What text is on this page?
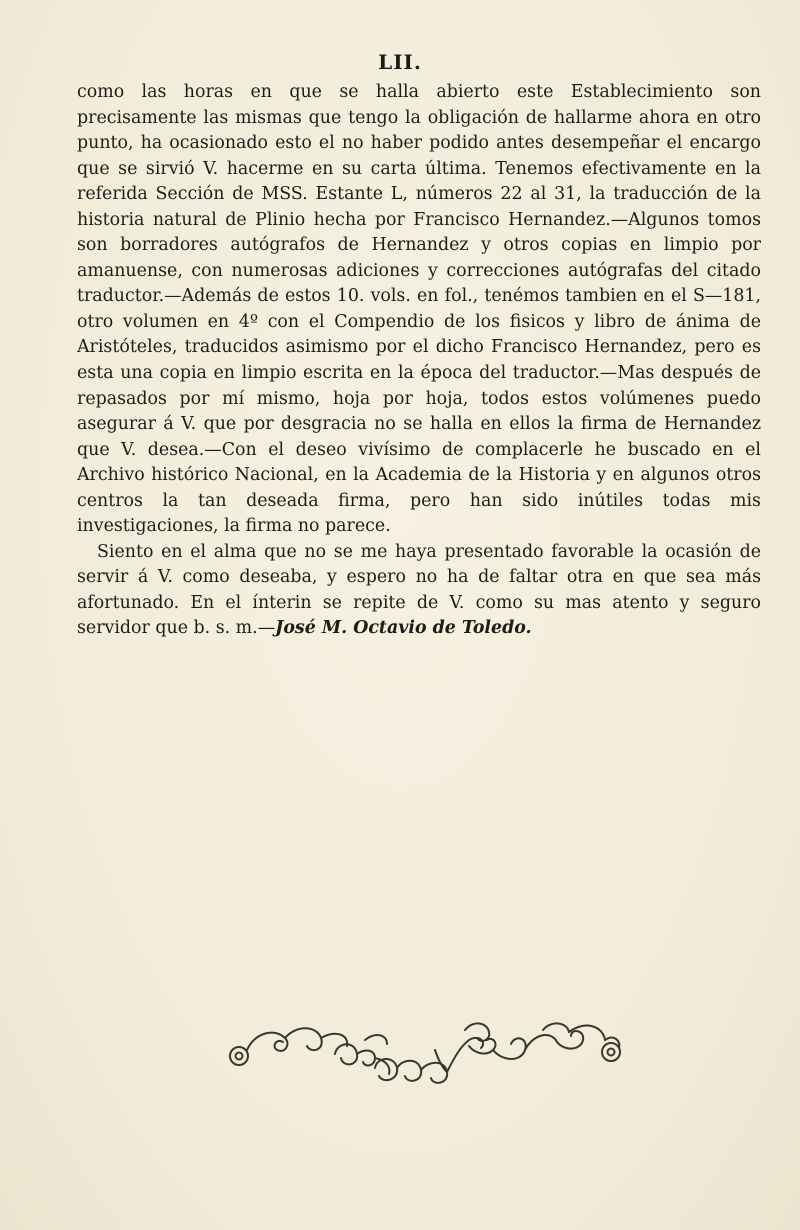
LII.

como las horas en que se halla abierto este Establecimiento son precisamente las mismas que tengo la obligación de hallarme ahora en otro punto, ha ocasionado esto el no haber podido antes desempeñar el encargo que se sirvió V. hacerme en su carta última. Tenemos efectivamente en la referida Sección de MSS. Estante L, números 22 al 31, la traducción de la historia natural de Plinio hecha por Francisco Hernandez.—Algunos tomos son borradores autógrafos de Hernandez y otros copias en limpio por amanuense, con numerosas adiciones y correcciones autógrafas del citado traductor.—Además de estos 10. vols. en fol., tenémos tambien en el S—181, otro volumen en 4º con el Compendio de los fisicos y libro de ánima de Aristóteles, traducidos asimismo por el dicho Francisco Hernandez, pero es esta una copia en limpio escrita en la época del traductor.—Mas después de repasados por mí mismo, hoja por hoja, todos estos volúmenes puedo asegurar á V. que por desgracia no se halla en ellos la firma de Hernandez que V. desea.—Con el deseo vivísimo de complacerle he buscado en el Archivo histórico Nacional, en la Academia de la Historia y en algunos otros centros la tan deseada firma, pero han sido inútiles todas mis investigaciones, la firma no parece.

Siento en el alma que no se me haya presentado favorable la ocasión de servir á V. como deseaba, y espero no ha de faltar otra en que sea más afortunado. En el ínterin se repite de V. como su mas atento y seguro servidor que b. s. m.—José M. Octavio de Toledo.
